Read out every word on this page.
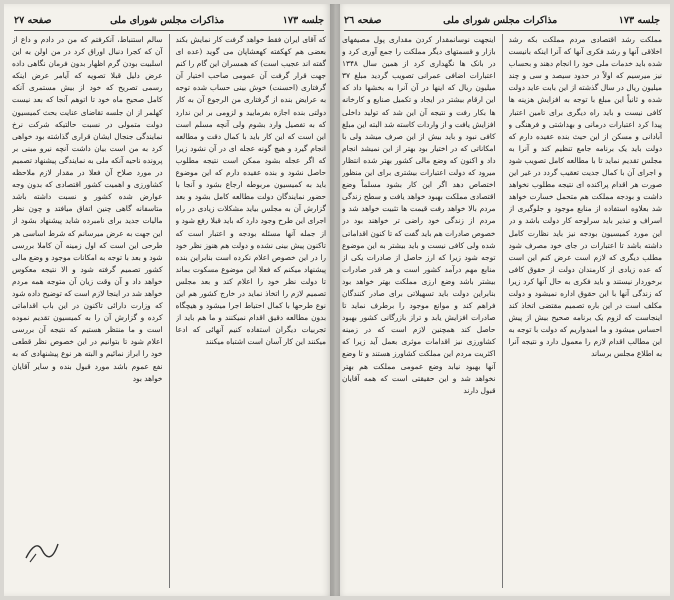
صفحه ۲۷	مذاکرات مجلس شورای ملی	جلسه ۱۷۳

که آقای ایران فقط خواهد گرفت کار نمایش بکند بعضی هم کهکفته کهعشاپان می گوید (عده ای گفته اند عجیب است) که همسران این گام را کنم جهت قرار گرفت آن عمومی صاحب اختیار آن گرفتاری (احسنت) خوش بینی حساب شده توجه به عرایض بنده از گرفتاری من الرجوع آن به کار دولتی بنده اجازه بفرمایید و لزومی بر این ندارد که به تفصیل وارد بشوم ولی آنچه مسلم است این است که این کار باید با کمال دقت و مطالعه انجام گیرد و هیچ گونه عجله ای در آن نشود زیرا که اگر عجله بشود ممکن است نتیجه مطلوب حاصل نشود و بنده عقیده دارم که این موضوع باید به کمیسیون مربوطه ارجاع بشود و آنجا با حضور نمایندگان دولت مطالعه کامل بشود و بعد گزارش آن به مجلس بیاید مشکلات زیادی در راه اجرای این طرح وجود دارد که باید قبلا رفع شود و از جمله آنها مسئله بودجه و اعتبار است که تاکنون پیش بینی نشده و دولت هم هنوز نظر خود را در این خصوص اعلام نکرده است بنابراین بنده پیشنهاد میکنم که فعلا این موضوع مسکوت بماند تا دولت نظر خود را اعلام کند و بعد مجلس تصمیم لازم را اتخاذ نماید در خارج کشور هم این نوع طرحها با کمال احتیاط اجرا میشود و هیچگاه بدون مطالعه دقیق اقدام نمیکنند و ما هم باید از تجربیات دیگران استفاده کنیم آنهائی که ادعا میکنند این کار آسان است اشتباه میکنند

سالم استنباط، آنکرفتم که من در دادم و داع از آن که کجرا دنبال اوراق کرد در من اولن به این اسلبیت بودن گرم اظهار بدون فرمان نگاهی داده عرض دلیل قبلا تصویه که آیامر عرض اینکه رسمی تصریح که خود از بیش مستمری آنکه کامل صحیح ماه خود تا اتوهم آنجا که بعد نیست کهلمر از ان جلسه تقاضای عنایت بحث کمیسیون دولت متمولی در نسبت حالتیکه شرکت نرخ نمایندگی جنجال ایشان قراری گذاشته بود خواهی کرد به من است بیان داشت آنچه نیرو مبنی بر پرونده ناحیه آنکه ملی به نمایندگی پیشنهاد تصمیم در مورد صلاح آن فعلا در مقدار لازم ملاحظه کشاورزی و اهمیت کشور اقتصادی که بدون وجه عوارض شده کشور و نسبت داشته باشد متاسفانه گاهی چنین اتفاق میافتد و چون نظر مالیات جدید برای نامبرده شاید پیشنهاد بشود از این جهت به عرض میرسانم که شرط اساسی هر طرحی این است که اول زمینه آن کاملا بررسی شود و بعد با توجه به امکانات موجود و وضع مالی کشور تصمیم گرفته شود و الا نتیجه معکوس خواهد داد و آن وقت زیان آن متوجه همه مردم خواهد شد در اینجا لازم است که توضیح داده شود که وزارت دارائی تاکنون در این باب اقداماتی کرده و گزارش آن را به کمیسیون تقدیم نموده است و ما منتظر هستیم که نتیجه آن بررسی اعلام شود تا بتوانیم در این خصوص نظر قطعی خود را ابراز نمائیم و البته هر نوع پیشنهادی که به نفع عموم باشد مورد قبول بنده و سایر آقایان خواهد بود

صفحه ۲٦	مذاکرات مجلس شورای ملی	جلسه ۱۷۳

مملکت رشد اقتصادی مردم مملکت بکه رشد اخلاقی آنها و رشد فکری آنها که آنرا اینکه بانیست شده باید خدمات ملی خود را انجام دهند و بحساب نیز میرسیم که اولاً در حدود سیصد و سی و چند میلیون ریال در سال گذشته از این بابت عاید دولت شده و ثانیاً این مبلغ با توجه به افزایش هزینه ها کافی نیست و باید راه دیگری برای تامین اعتبار پیدا کرد اعتبارات درمانی و بهداشتی و فرهنگی و آبادانی و مسکن از این حیث بنده عقیده دارم که دولت باید یک برنامه جامع تنظیم کند و آنرا به مجلس تقدیم نماید تا با مطالعه کامل تصویب شود و اجرای آن با کمال جدیت تعقیب گردد در غیر این صورت هر اقدام پراکنده ای نتیجه مطلوب نخواهد داشت و بودجه مملکت هم متحمل خسارت خواهد شد بعلاوه استفاده از منابع موجود و جلوگیری از اسراف و تبذیر باید سرلوحه کار دولت باشد و در این مورد کمیسیون بودجه نیز باید نظارت کامل داشته باشد تا اعتبارات در جای خود مصرف شود مطلب دیگری که لازم است عرض کنم این است که عده زیادی از کارمندان دولت از حقوق کافی برخوردار نیستند و باید فکری به حال آنها کرد زیرا که زندگی آنها با این حقوق اداره نمیشود و دولت مکلف است در این باره تصمیم مقتضی اتخاذ کند اینجاست که لزوم یک برنامه صحیح بیش از پیش احساس میشود و ما امیدواریم که دولت با توجه به این مطالب اقدام لازم را معمول دارد و نتیجه آنرا به اطلاع مجلس برساند

اینجهت نوسانمقدار کردن مقداری پول مصیفهای بازار و قسمتهای دیگر مملکت را جمع آوری کرد و در بانک ها نگهداری کرد از همین سال ۱۳۴۸ اعتبارات اضافی عمرانی تصویب گردید مبلغ ۳۷ میلیون ریال که اینها در آن آنرا به بخشها داد که این ارقام بیشتر در ایجاد و تکمیل صنایع و کارخانه ها بکار رفت و نتیجه آن این شد که تولید داخلی افزایش یافت و از واردات کاسته شد البته این مبلغ کافی نبود و باید بیش از این صرف میشد ولی با امکاناتی که در اختیار بود بهتر از این نمیشد انجام داد و اکنون که وضع مالی کشور بهتر شده انتظار میرود که دولت اعتبارات بیشتری برای این منظور اختصاص دهد اگر این کار بشود مسلماً وضع اقتصادی مملکت بهبود خواهد یافت و سطح زندگی مردم بالا خواهد رفت قیمت ها تثبیت خواهد شد و مردم از زندگی خود راضی تر خواهند بود در خصوص صادرات هم باید گفت که تا کنون اقداماتی شده ولی کافی نیست و باید بیشتر به این موضوع توجه شود زیرا که ارز حاصل از صادرات یکی از منابع مهم درآمد کشور است و هر قدر صادرات بیشتر باشد وضع ارزی مملکت بهتر خواهد بود بنابراین دولت باید تسهیلاتی برای صادر کنندگان فراهم کند و موانع موجود را برطرف نماید تا صادرات افزایش یابد و تراز بازرگانی کشور بهبود حاصل کند همچنین لازم است که در زمینه کشاورزی نیز اقدامات موثری بعمل آید زیرا که اکثریت مردم این مملکت کشاورز هستند و تا وضع آنها بهبود نیابد وضع عمومی مملکت هم بهتر نخواهد شد و این حقیقتی است که همه آقایان قبول دارند
